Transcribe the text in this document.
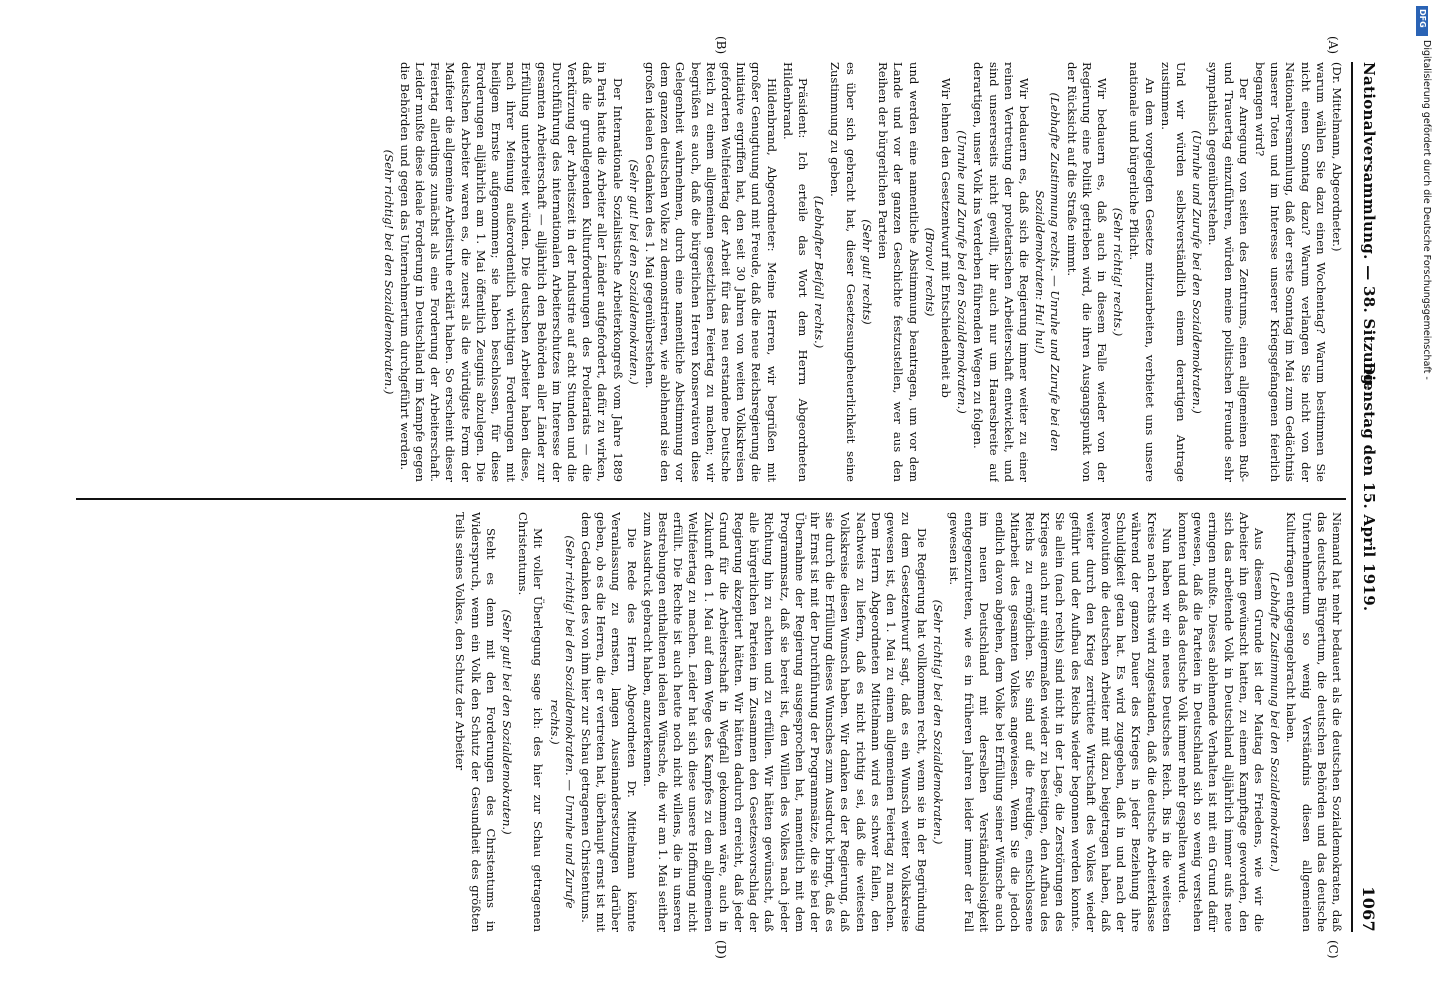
Nationalversammlung. — 38. Sitzung.
Dienstag den 15. April 1919.
1067
(A)
(B)
(C)
(D)

(Dr. Mittelmann, Abgeordneter.)

warum wählen Sie dazu einen Wochentag? Warum bestimmen Sie nicht einen Sonntag dazu? Warum verlangen Sie nicht von der Nationalversammlung, daß der erste Sonntag im Mai zum Gedächtnis unserer Toten und im Interesse unserer Kriegsgefangenen feierlich begangen wird?

Der Anregung von seiten des Zentrums, einen allgemeinen Buß- und Trauertag einzuführen, würden meine politischen Freunde sehr sympathisch gegenüberstehen.

(Unruhe und Zurufe bei den Sozialdemokraten.)

Und wir würden selbstverständlich einem derartigen Antrage zustimmen.

An dem vorgelegten Gesetze mitzuarbeiten, verbietet uns unsere nationale und bürgerliche Pflicht.

(Sehr richtig! rechts.)

Wir bedauern es, daß auch in diesem Falle wieder von der Regierung eine Politik getrieben wird, die ihren Ausgangspunkt von der Rücksicht auf die Straße nimmt.

(Lebhafte Zustimmung rechts. — Unruhe und Zurufe bei den Sozialdemokraten: Hu! hu!)

Wir bedauern es, daß sich die Regierung immer weiter zu einer reinen Vertretung der proletarischen Arbeiterschaft entwickelt, und sind unsererseits nicht gewillt, ihr auch nur um Haaresbreite auf derartigen, unser Volk ins Verderben führenden Wegen zu folgen.

(Unruhe und Zurufe bei den Sozialdemokraten.)

Wir lehnen den Gesetzentwurf mit Entschiedenheit ab

(Bravo! rechts)

und werden eine namentliche Abstimmung beantragen, um vor dem Lande und vor der ganzen Geschichte festzustellen, wer aus den Reihen der bürgerlichen Parteien

(Sehr gut! rechts)

es über sich gebracht hat, dieser Gesetzesungeheuerlichkeit seine Zustimmung zu geben.

(Lebhafter Beifall rechts.)

Präsident: Ich erteile das Wort dem Herrn Abgeordneten Hildenbrand.

Hildenbrand, Abgeordneter: Meine Herren, wir begrüßen mit großer Genugtuung und mit Freude, daß die neue Reichsregierung die Initiative ergriffen hat, den seit 30 Jahren von weiten Volkskreisen geforderten Weltfeiertag der Arbeit für das neu erstandene Deutsche Reich zu einem allgemeinen gesetzlichen Feiertag zu machen; wir begrüßen es auch, daß die bürgerlichen Herren Konservativen diese Gelegenheit wahrnehmen, durch eine namentliche Abstimmung vor dem ganzen deutschen Volke zu demonstrieren, wie ablehnend sie den großen idealen Gedanken des 1. Mai gegenüberstehen.

(Sehr gut! bei den Sozialdemokraten.)

Der Internationale Sozialistische Arbeiterkongreß vom Jahre 1889 in Paris hatte die Arbeiter aller Länder aufgefordert, dafür zu wirken, daß die grundlegenden Kulturforderungen des Proletariats — die Verkürzung der Arbeitszeit in der Industrie auf acht Stunden und die Durchführung des internationalen Arbeiterschutzes im Interesse der gesamten Arbeiterschaft — alljährlich den Behörden aller Länder zur Erfüllung unterbreitet würden. Die deutschen Arbeiter haben diese, nach ihrer Meinung außerordentlich wichtigen Forderungen mit heiligem Ernste aufgenommen; sie haben beschlossen, für diese Forderungen alljährlich am 1. Mai öffentlich Zeugnis abzulegen. Die deutschen Arbeiter waren es, die zuerst als die würdigste Form der Maifeier die allgemeine Arbeitsruhe erklärt haben. So erscheint dieser Feiertag allerdings zunächst als eine Forderung der Arbeiterschaft. Leider mußte diese ideale Forderung in Deutschland im Kampfe gegen die Behörden und gegen das Unternehmertum durchgeführt werden.

(Sehr richtig! bei den Sozialdemokraten.)

Niemand hat mehr bedauert als die deutschen Sozialdemokraten, daß das deutsche Bürgertum, die deutschen Behörden und das deutsche Unternehmertum so wenig Verständnis diesen allgemeinen Kulturfragen entgegengebracht haben.

(Lebhafte Zustimmung bei den Sozialdemokraten.)

Aus diesem Grunde ist der Maitag des Friedens, wie wir die Arbeiter ihn gewünscht hatten, zu einem Kampftage geworden, den sich das arbeitende Volk in Deutschland alljährlich immer aufs neue erringen mußte. Dieses ablehnende Verhalten ist mit ein Grund dafür gewesen, daß die Parteien in Deutschland sich so wenig verstehen konnten und daß das deutsche Volk immer mehr gespalten wurde.

Nun haben wir ein neues Deutsches Reich. Bis in die weitesten Kreise nach rechts wird zugestanden, daß die deutsche Arbeiterklasse während der ganzen Dauer des Krieges in jeder Beziehung ihre Schuldigkeit getan hat. Es wird zugegeben, daß in und nach der Revolution die deutschen Arbeiter mit dazu beigetragen haben, daß weiter durch den Krieg zerrüttete Wirtschaft des Volkes wieder geführt und der Aufbau des Reichs wieder begonnen werden konnte. Sie allein (nach rechts) sind nicht in der Lage, die Zerstörungen des Krieges auch nur einigermaßen wieder zu beseitigen, den Aufbau des Reichs zu ermöglichen. Sie sind auf die freudige, entschlossene Mitarbeit des gesamten Volkes angewiesen. Wenn Sie die jedoch endlich davon abgehen, dem Volke bei Erfüllung seiner Wünsche auch im neuen Deutschland mit derselben Verständnislosigkeit entgegenzutreten, wie es in früheren Jahren leider immer der Fall gewesen ist.

(Sehr richtig! bei den Sozialdemokraten.)

Die Regierung hat vollkommen recht, wenn sie in der Begründung zu dem Gesetzentwurf sagt, daß es ein Wunsch weiter Volkskreise gewesen ist, den 1. Mai zu einem allgemeinen Feiertag zu machen. Dem Herrn Abgeordneten Mittelmann wird es schwer fallen, den Nachweis zu liefern, daß es nicht richtig sei, daß die weitesten Volkskreise diesen Wunsch haben. Wir danken es der Regierung, daß sie durch die Erfüllung dieses Wunsches zum Ausdruck bringt, daß es ihr Ernst ist mit der Durchführung der Programmsätze, die sie bei der Übernahme der Regierung ausgesprochen hat, namentlich mit dem Programmsatz, daß sie bereit ist, den Willen des Volkes nach jeder Richtung hin zu achten und zu erfüllen. Wir hätten gewünscht, daß alle bürgerlichen Parteien im Zusammen den Gesetzesvorschlag der Regierung akzeptiert hätten. Wir hätten dadurch erreicht, daß jeder Grund für die Arbeiterschaft in Wegfall gekommen wäre, auch in Zukunft den 1. Mai auf dem Wege des Kampfes zu dem allgemeinen Weltfeiertag zu machen. Leider hat sich diese unsere Hoffnung nicht erfüllt. Die Rechte ist auch heute noch nicht willens, die in unseren Bestrebungen enthaltenen idealen Wünsche, die wir am 1. Mai seither zum Ausdruck gebracht haben, anzuerkennen.

Die Rede des Herrn Abgeordneten Dr. Mittelmann könnte Veranlassung zu ernsten, langen Auseinandersetzungen darüber geben, ob es die Herren, die er vertreten hat, überhaupt ernst ist mit dem Gedanken des von ihm hier zur Schau getragenen Christentums.

(Sehr richtig! bei den Sozialdemokraten. — Unruhe und Zurufe rechts.)

Mit voller Überlegung sage ich: des hier zur Schau getragenen Christentums.

(Sehr gut! bei den Sozialdemokraten.)

Steht es denn mit den Forderungen des Christentums in Widerspruch, wenn ein Volk den Schutz der Gesundheit des größten Teils seines Volkes, den Schutz der Arbeiter

DFG
Digitalisierung gefördert durch die Deutsche Forschungsgemeinschaft -
